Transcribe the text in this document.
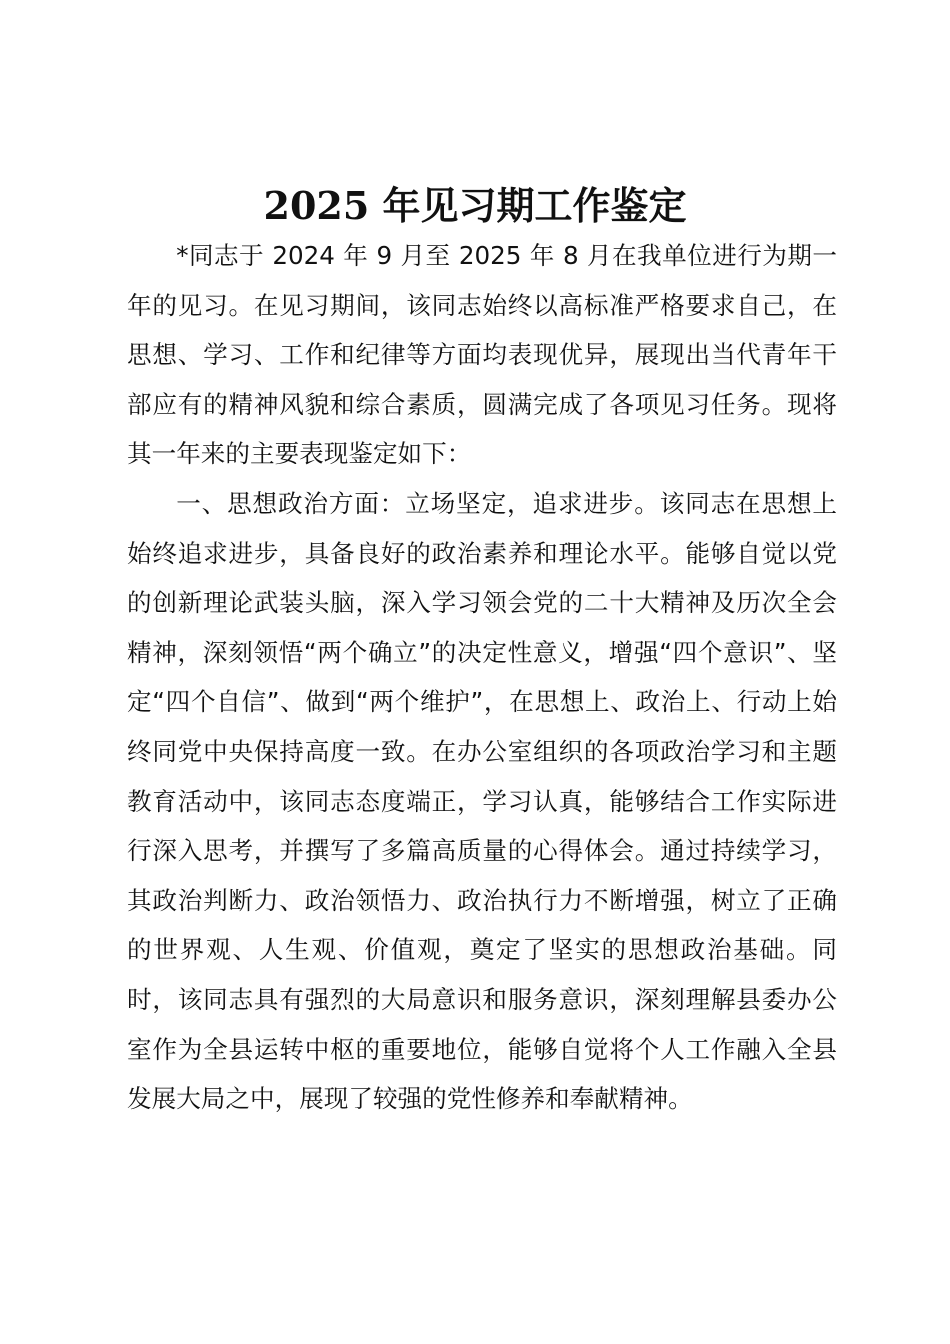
2025 年见习期工作鉴定

*同志于 2024 年 9 月至 2025 年 8 月在我单位进行为期一年的见习。在见习期间，该同志始终以高标准严格要求自己，在思想、学习、工作和纪律等方面均表现优异，展现出当代青年干部应有的精神风貌和综合素质，圆满完成了各项见习任务。现将其一年来的主要表现鉴定如下：

一、思想政治方面：立场坚定，追求进步。该同志在思想上始终追求进步，具备良好的政治素养和理论水平。能够自觉以党的创新理论武装头脑，深入学习领会党的二十大精神及历次全会精神，深刻领悟“两个确立”的决定性意义，增强“四个意识”、坚定“四个自信”、做到“两个维护”，在思想上、政治上、行动上始终同党中央保持高度一致。在办公室组织的各项政治学习和主题教育活动中，该同志态度端正，学习认真，能够结合工作实际进行深入思考，并撰写了多篇高质量的心得体会。通过持续学习，其政治判断力、政治领悟力、政治执行力不断增强，树立了正确的世界观、人生观、价值观，奠定了坚实的思想政治基础。同时，该同志具有强烈的大局意识和服务意识，深刻理解县委办公室作为全县运转中枢的重要地位，能够自觉将个人工作融入全县发展大局之中，展现了较强的党性修养和奉献精神。
